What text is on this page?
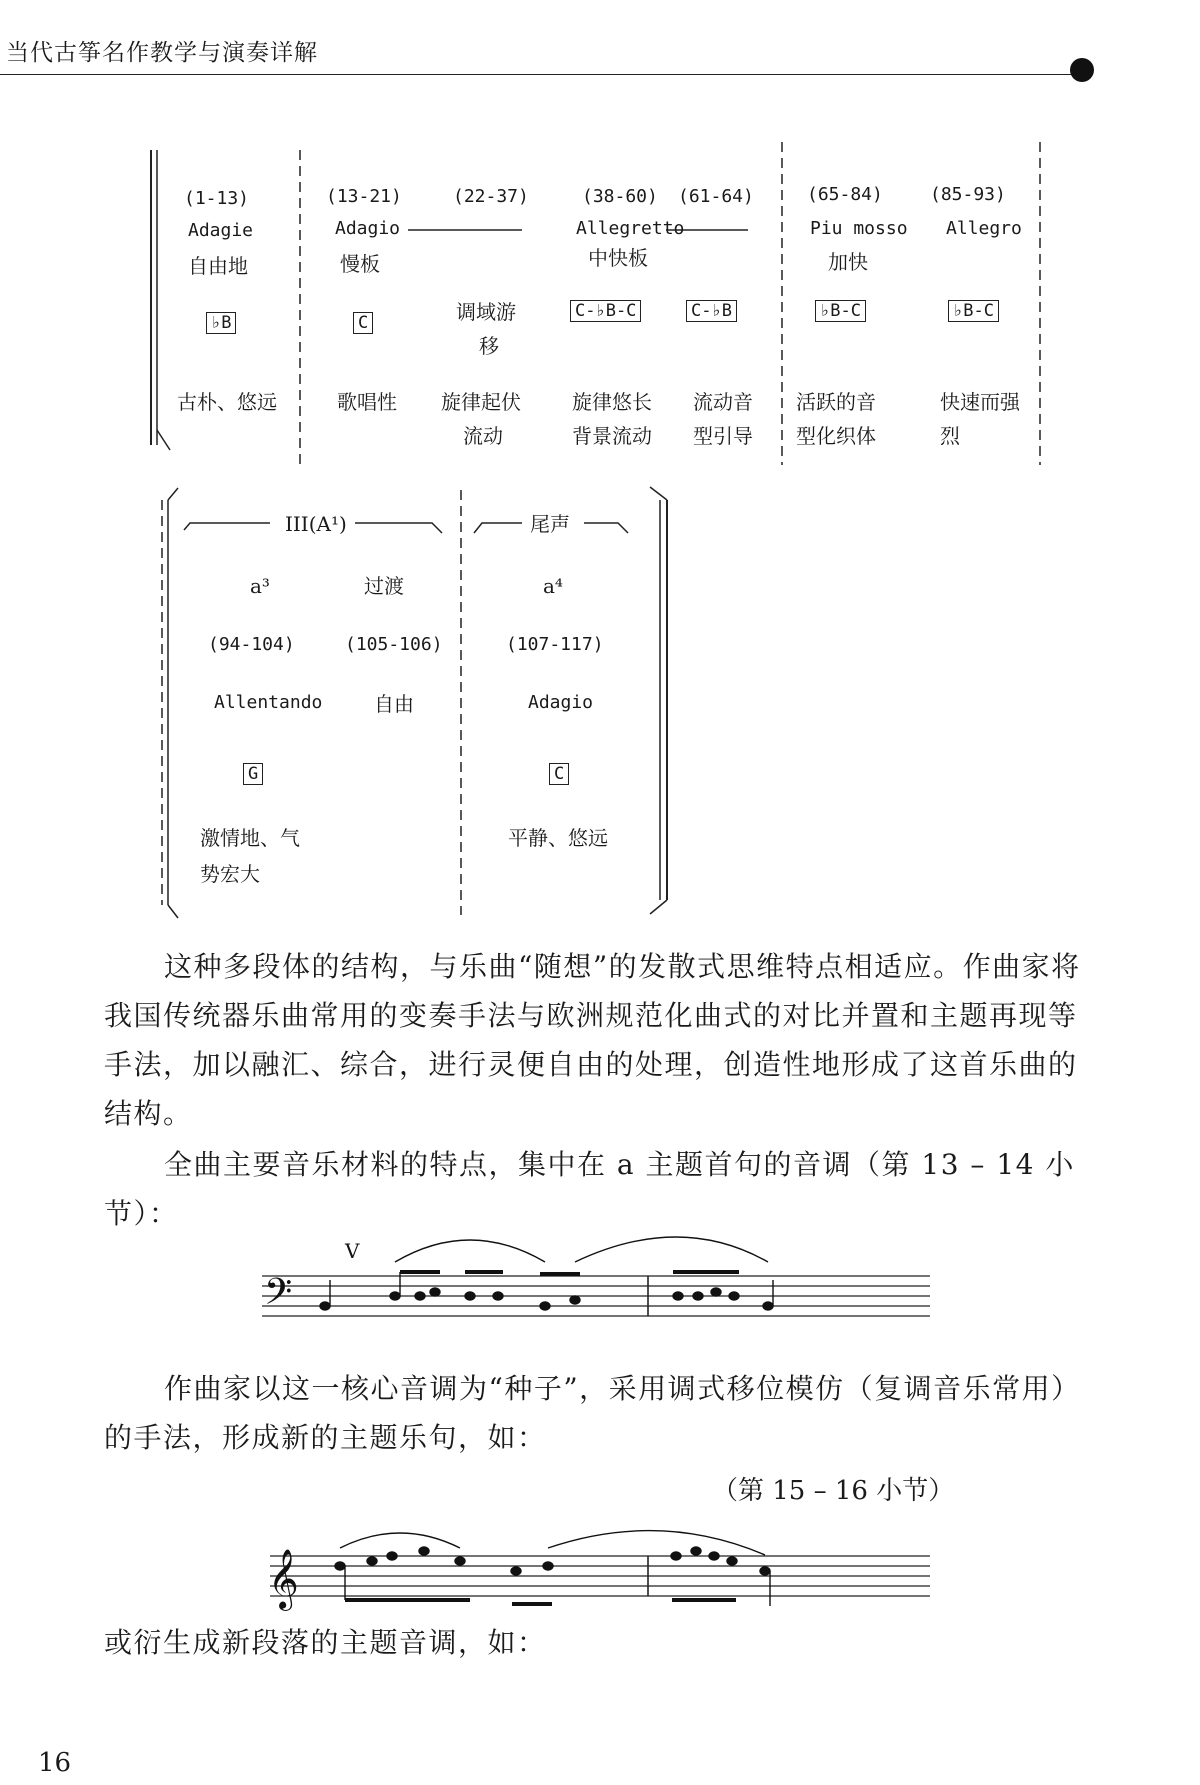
当代古筝名作教学与演奏详解
(1-13)
Adagie
自由地
♭B
古朴、悠远
(13-21)
Adagio
慢板
C
歌唱性
(22-37)
调域游
移
旋律起伏
流动
(38-60)
Allegretto
中快板
C-♭B-C
旋律悠长
背景流动
(61-64)
C-♭B
流动音
型引导
(65-84)
Piu mosso
加快
♭B-C
活跃的音
型化织体
(85-93)
Allegro
♭B-C
快速而强
烈
III(A¹)	尾声
a³
(94-104)
Allentando
G
激情地、气
势宏大
过渡
(105-106)
自由
a⁴
(107-117)
Adagio
C
平静、悠远
这种多段体的结构，与乐曲“随想”的发散式思维特点相适应。作曲家将我国传统器乐曲常用的变奏手法与欧洲规范化曲式的对比并置和主题再现等手法，加以融汇、综合，进行灵便自由的处理，创造性地形成了这首乐曲的结构。
全曲主要音乐材料的特点，集中在 a 主题首句的音调（第 13 – 14 小节）：
𝄢
V
作曲家以这一核心音调为“种子”，采用调式移位模仿（复调音乐常用）的手法，形成新的主题乐句，如：
（第 15 – 16 小节）
𝄞
或衍生成新段落的主题音调，如：
16
